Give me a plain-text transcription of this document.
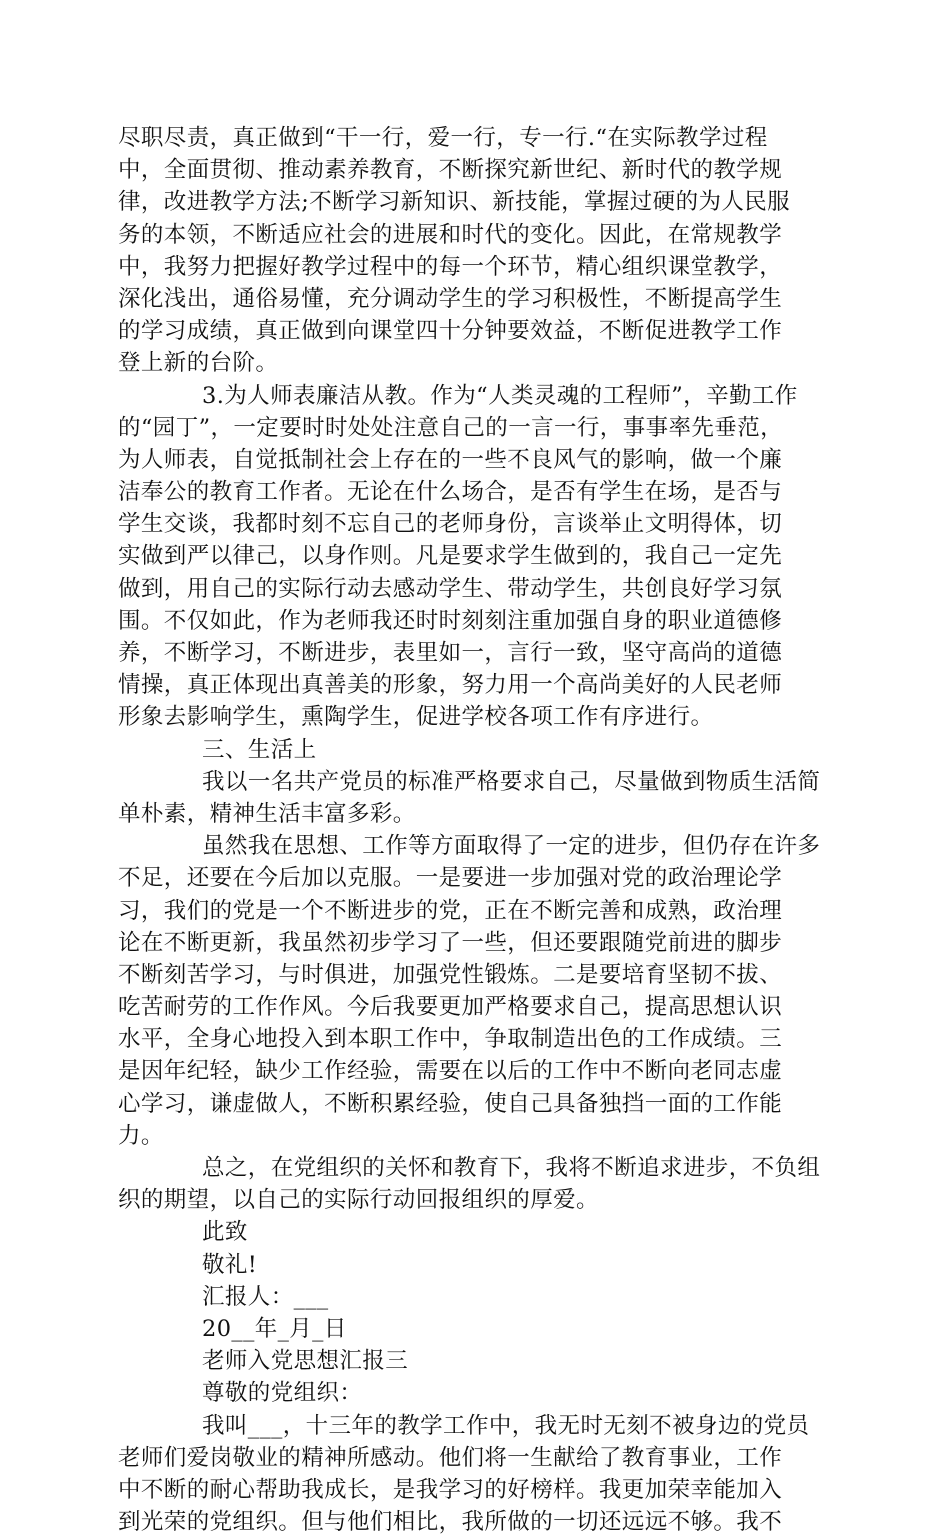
尽职尽责，真正做到“干一行，爱一行，专一行.“在实际教学过程
中，全面贯彻、推动素养教育，不断探究新世纪、新时代的教学规
律，改进教学方法;不断学习新知识、新技能，掌握过硬的为人民服
务的本领，不断适应社会的进展和时代的变化。因此，在常规教学
中，我努力把握好教学过程中的每一个环节，精心组织课堂教学，
深化浅出，通俗易懂，充分调动学生的学习积极性，不断提高学生
的学习成绩，真正做到向课堂四十分钟要效益，不断促进教学工作
登上新的台阶。
3.为人师表廉洁从教。作为“人类灵魂的工程师”，辛勤工作
的“园丁”，一定要时时处处注意自己的一言一行，事事率先垂范，
为人师表，自觉抵制社会上存在的一些不良风气的影响，做一个廉
洁奉公的教育工作者。无论在什么场合，是否有学生在场，是否与
学生交谈，我都时刻不忘自己的老师身份，言谈举止文明得体，切
实做到严以律己，以身作则。凡是要求学生做到的，我自己一定先
做到，用自己的实际行动去感动学生、带动学生，共创良好学习氛
围。不仅如此，作为老师我还时时刻刻注重加强自身的职业道德修
养，不断学习，不断进步，表里如一，言行一致，坚守高尚的道德
情操，真正体现出真善美的形象，努力用一个高尚美好的人民老师
形象去影响学生，熏陶学生，促进学校各项工作有序进行。
三、生活上
我以一名共产党员的标准严格要求自己，尽量做到物质生活简
单朴素，精神生活丰富多彩。
虽然我在思想、工作等方面取得了一定的进步，但仍存在许多
不足，还要在今后加以克服。一是要进一步加强对党的政治理论学
习，我们的党是一个不断进步的党，正在不断完善和成熟，政治理
论在不断更新，我虽然初步学习了一些，但还要跟随党前进的脚步
不断刻苦学习，与时俱进，加强党性锻炼。二是要培育坚韧不拔、
吃苦耐劳的工作作风。今后我要更加严格要求自己，提高思想认识
水平，全身心地投入到本职工作中，争取制造出色的工作成绩。三
是因年纪轻，缺少工作经验，需要在以后的工作中不断向老同志虚
心学习，谦虚做人，不断积累经验，使自己具备独挡一面的工作能
力。
总之，在党组织的关怀和教育下，我将不断追求进步，不负组
织的期望，以自己的实际行动回报组织的厚爱。
此致
敬礼!
汇报人：___
20__年_月_日
老师入党思想汇报三
尊敬的党组织：
我叫___，十三年的教学工作中，我无时无刻不被身边的党员
老师们爱岗敬业的精神所感动。他们将一生献给了教育事业，工作
中不断的耐心帮助我成长，是我学习的好榜样。我更加荣幸能加入
到光荣的党组织。但与他们相比，我所做的一切还远远不够。我不
